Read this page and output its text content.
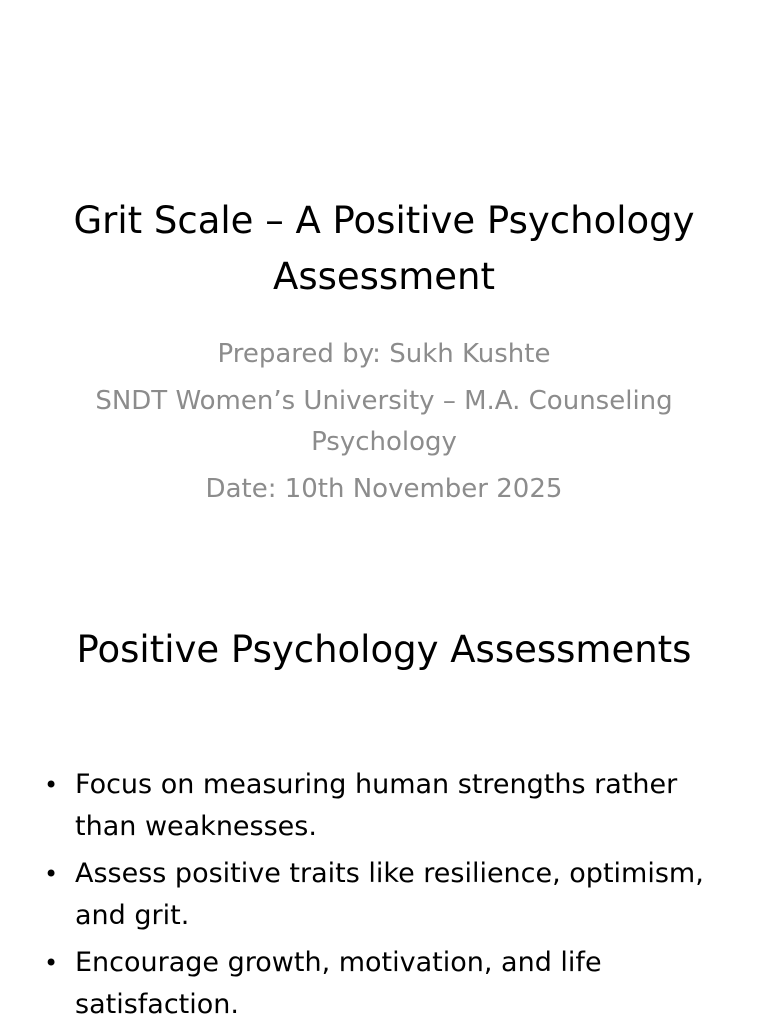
Grit Scale – A Positive Psychology Assessment

Prepared by: Sukh Kushte

SNDT Women’s University – M.A. Counseling Psychology

Date: 10th November 2025

Positive Psychology Assessments
• Focus on measuring human strengths rather than weaknesses.
• Assess positive traits like resilience, optimism, and grit.
• Encourage growth, motivation, and life satisfaction.
